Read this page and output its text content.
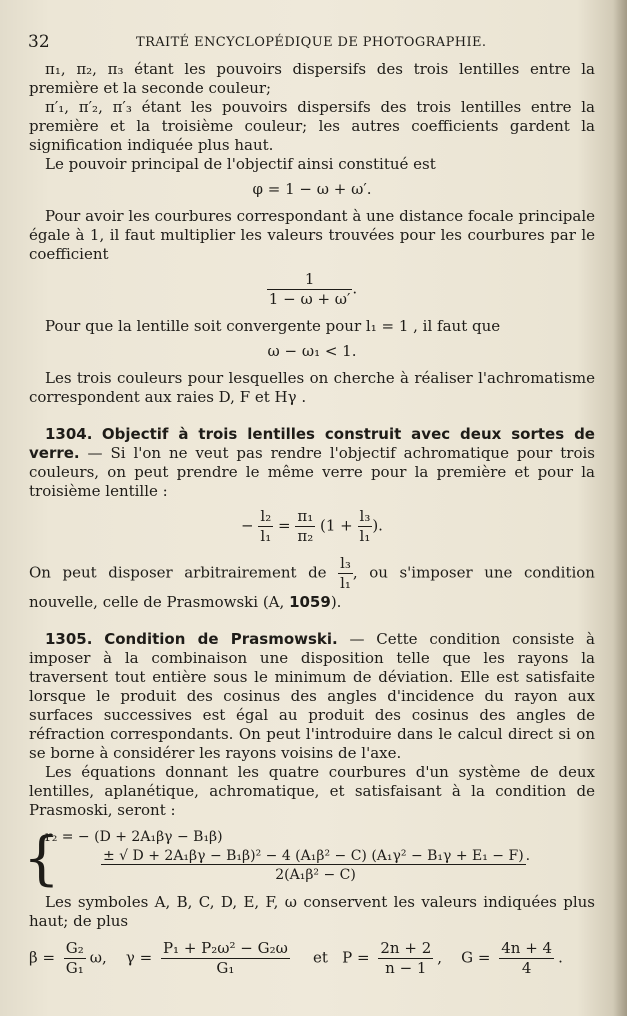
32	TRAITÉ ENCYCLOPÉDIQUE DE PHOTOGRAPHIE.

π₁, π₂, π₃ étant les pouvoirs dispersifs des trois lentilles entre la première et la seconde couleur;

π′₁, π′₂, π′₃ étant les pouvoirs dispersifs des trois lentilles entre la première et la troisième couleur; les autres coefficients gardent la signification indiquée plus haut.

Le pouvoir principal de l'objectif ainsi constitué est

φ = 1 − ω + ω′.

Pour avoir les courbures correspondant à une distance focale principale égale à 1, il faut multiplier les valeurs trouvées pour les courbures par le coefficient

$\frac{1}{1 - \omega + \omega'}$ .

Pour que la lentille soit convergente pour l₁ = 1 , il faut que

ω − ω₁ < 1.

Les trois couleurs pour lesquelles on cherche à réaliser l'achromatisme correspondent aux raies D, F et Hγ .

1304. Objectif à trois lentilles construit avec deux sortes de verre. — Si l'on ne veut pas rendre l'objectif achromatique pour trois couleurs, on peut prendre le même verre pour la première et pour la troisième lentille :

− $\frac{\text{l₂}}{\text{l₁}} = \frac{\text{π₁}}{\text{π₂}} (1 + \frac{\text{l₃}}{\text{l₁}}$ ).

On peut disposer arbitrairement de $\frac{\text{l₃}}{\text{l₁}}$ , ou s'imposer une condition nouvelle, celle de Prasmowski (A, 1059).

1305. Condition de Prasmowski. — Cette condition consiste à imposer à la combinaison une disposition telle que les rayons la traversent tout entière sous le minimum de déviation. Elle est satisfaite lorsque le produit des cosinus des angles d'incidence du rayon aux surfaces successives est égal au produit des cosinus des angles de réfraction correspondants. On peut l'introduire dans le calcul direct si on se borne à considérer les rayons voisins de l'axe.

Les équations donnant les quatre courbures d'un système de deux lentilles, aplanétique, achromatique, et satisfaisant à la condition de Prasmoski, seront :

{
r₂ = − (D + 2A₁βγ − B₁β)
± √ D + 2A₁βγ − B₁β)² − 4 (A₁β² − C) (A₁γ² − B₁γ + E₁ − F) .
2(A₁β² − C)

Les symboles A, B, C, D, E, F, ω conservent les valeurs indiquées plus haut; de plus

$\beta = \frac{\text{G₂}}{\text{G₁}} \omega$, $\gamma = \frac{\text{P₁ + P₂ω² − G₂ω}}{\text{G₁}}$ et $P = \frac{2n + 2}{n - 1}$ , $G = \frac{4n + 4}{4}$ .
